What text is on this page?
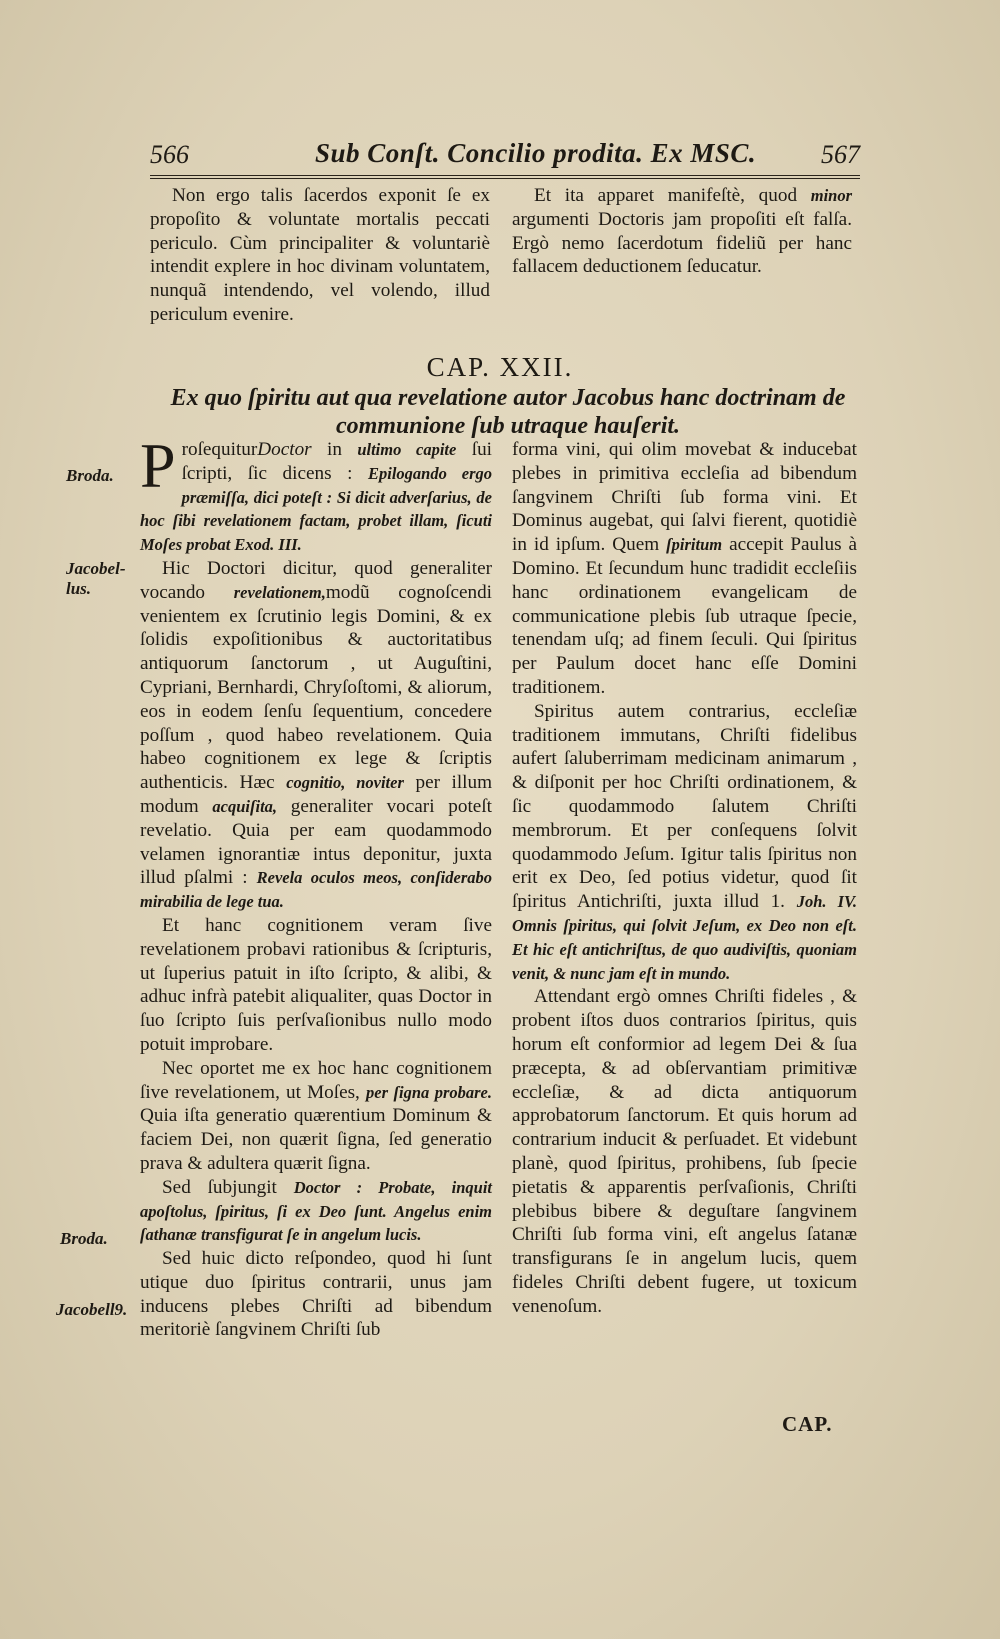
566	Sub Conſt. Concilio prodita. Ex MSC. 567

Non ergo talis ſacerdos exponit ſe ex propoſito & voluntate mortalis peccati periculo. Cùm principaliter & voluntariè intendit explere in hoc divinam voluntatem, nunquã intendendo, vel volendo, illud periculum evenire.

Et ita apparet manifeſtè, quod minor argumenti Doctoris jam propoſiti eſt falſa. Ergò nemo ſacerdotum fideliũ per hanc fallacem deductionem ſeducatur.

CAP. XXII.
Ex quo ſpiritu aut qua revelatione autor Jacobus hanc doctrinam de communione ſub utraque hauſerit.
Broda.
Jacobel-lus.
Broda.
Jacobell9.

ProſequiturDoctor in ultimo capite ſui ſcripti, ſic dicens : Epilogando ergo præmiſſa, dici poteſt : Si dicit adverſarius, de hoc ſibi revelationem factam, probet illam, ſicuti Moſes probat Exod. III.

Hic Doctori dicitur, quod generaliter vocando revelationem,modũ cognoſcendi venientem ex ſcrutinio legis Domini, & ex ſolidis expoſitionibus & auctoritatibus antiquorum ſanctorum , ut Auguſtini, Cypriani, Bernhardi, Chryſoſtomi, & aliorum, eos in eodem ſenſu ſequentium, concedere poſſum , quod habeo revelationem. Quia habeo cognitionem ex lege & ſcriptis authenticis. Hæc cognitio, noviter per illum modum acquiſita, generaliter vocari poteſt revelatio. Quia per eam quodammodo velamen ignorantiæ intus deponitur, juxta illud pſalmi : Revela oculos meos, conſiderabo mirabilia de lege tua.

Et hanc cognitionem veram ſive revelationem probavi rationibus & ſcripturis, ut ſuperius patuit in iſto ſcripto, & alibi, & adhuc infrà patebit aliqualiter, quas Doctor in ſuo ſcripto ſuis perſvaſionibus nullo modo potuit improbare.

Nec oportet me ex hoc hanc cognitionem ſive revelationem, ut Moſes, per ſigna probare. Quia iſta generatio quærentium Dominum & faciem Dei, non quærit ſigna, ſed generatio prava & adultera quærit ſigna.

Sed ſubjungit Doctor : Probate, inquit apoſtolus, ſpiritus, ſi ex Deo ſunt. Angelus enim ſathanæ transfigurat ſe in angelum lucis.

Sed huic dicto reſpondeo, quod hi ſunt utique duo ſpiritus contrarii, unus jam inducens plebes Chriſti ad bibendum meritoriè ſangvinem Chriſti ſub

forma vini, qui olim movebat & inducebat plebes in primitiva eccleſia ad bibendum ſangvinem Chriſti ſub forma vini. Et Dominus augebat, qui ſalvi fierent, quotidiè in id ipſum. Quem ſpiritum accepit Paulus à Domino. Et ſecundum hunc tradidit eccleſiis hanc ordinationem evangelicam de communicatione plebis ſub utraque ſpecie, tenendam uſq; ad finem ſeculi. Qui ſpiritus per Paulum docet hanc eſſe Domini traditionem.

Spiritus autem contrarius, eccleſiæ traditionem immutans, Chriſti fidelibus aufert ſaluberrimam medicinam animarum , & diſponit per hoc Chriſti ordinationem, & ſic quodammodo ſalutem Chriſti membrorum. Et per conſequens ſolvit quodammodo Jeſum. Igitur talis ſpiritus non erit ex Deo, ſed potius videtur, quod ſit ſpiritus Antichriſti, juxta illud 1. Joh. IV. Omnis ſpiritus, qui ſolvit Jeſum, ex Deo non eſt. Et hic eſt antichriſtus, de quo audiviſtis, quoniam venit, & nunc jam eſt in mundo.

Attendant ergò omnes Chriſti fideles , & probent iſtos duos contrarios ſpiritus, quis horum eſt conformior ad legem Dei & ſua præcepta, & ad obſervantiam primitivæ eccleſiæ, & ad dicta antiquorum approbatorum ſanctorum. Et quis horum ad contrarium inducit & perſuadet. Et videbunt planè, quod ſpiritus, prohibens, ſub ſpecie pietatis & apparentis perſvaſionis, Chriſti plebibus bibere & deguſtare ſangvinem Chriſti ſub forma vini, eſt angelus ſatanæ transfigurans ſe in angelum lucis, quem fideles Chriſti debent fugere, ut toxicum venenoſum.

CAP.
